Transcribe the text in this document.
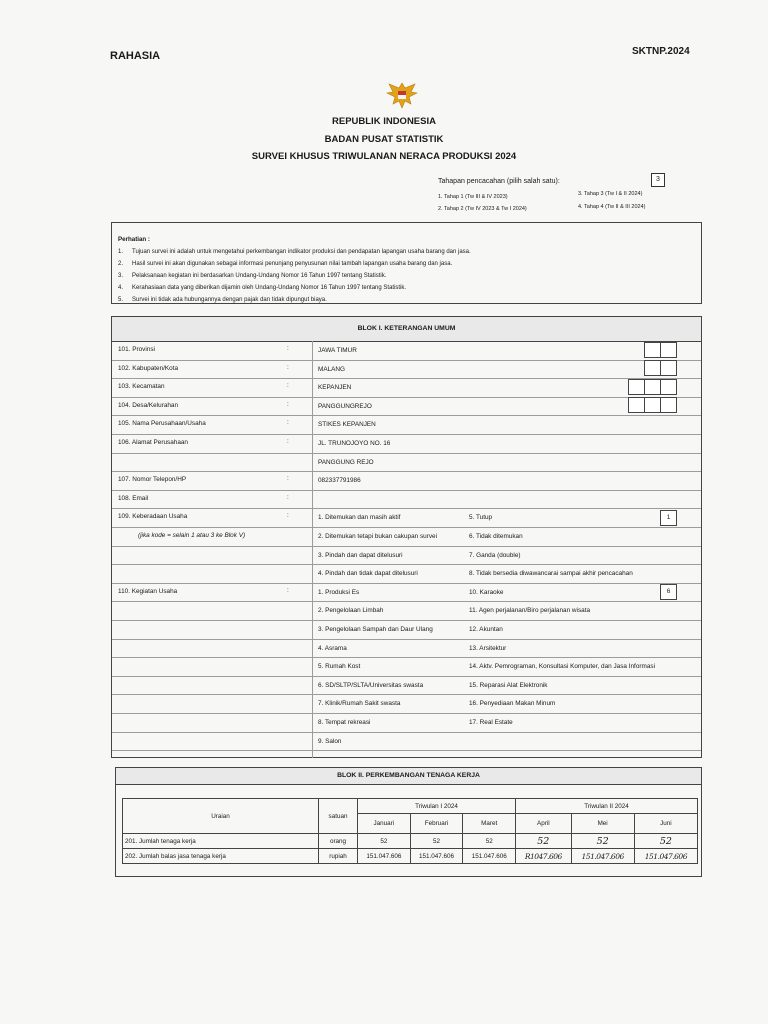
RAHASIA	SKTNP.2024
REPUBLIK INDONESIA
BADAN PUSAT STATISTIK
SURVEI KHUSUS TRIWULANAN NERACA PRODUKSI 2024
Tahapan pencacahan (pilih salah satu):	3
1. Tahap 1 (Tw III & IV 2023)	3. Tahap 3 (Tw I & II 2024)
2. Tahap 2 (Tw IV 2023 & Tw I 2024)	4. Tahap 4 (Tw II & III 2024)
Perhatian :
1. Tujuan survei ini adalah untuk mengetahui perkembangan indikator produksi dan pendapatan lapangan usaha barang dan jasa.
2. Hasil survei ini akan digunakan sebagai informasi penunjang penyusunan nilai tambah lapangan usaha barang dan jasa.
3. Pelaksanaan kegiatan ini berdasarkan Undang-Undang Nomor 16 Tahun 1997 tentang Statistik.
4. Kerahasiaan data yang diberikan dijamin oleh Undang-Undang Nomor 16 Tahun 1997 tentang Statistik.
5. Survei ini tidak ada hubungannya dengan pajak dan tidak dipungut biaya.
BLOK I. KETERANGAN UMUM
101. Provinsi	:	JAWA TIMUR
102. Kabupaten/Kota	:	MALANG
103. Kecamatan	:	KEPANJEN
104. Desa/Kelurahan	:	PANGGUNGREJO
105. Nama Perusahaan/Usaha	:	STIKES KEPANJEN
106. Alamat Perusahaan	:	JL. TRUNOJOYO NO. 16
PANGGUNG REJO
107. Nomor Telepon/HP	:	082337791986
108. Email	:
109. Keberadaan Usaha	:	1. Ditemukan dan masih aktif	5. Tutup
(jika kode = selain 1 atau 3 ke Blok V)	2. Ditemukan tetapi bukan cakupan survei	6. Tidak ditemukan
3. Pindah dan dapat ditelusuri	7. Ganda (double)
4. Pindah dan tidak dapat ditelusuri	8. Tidak bersedia diwawancarai sampai akhir pencacahan
110. Kegiatan Usaha	:	1. Produksi Es	10. Karaoke
2. Pengelolaan Limbah	11. Agen perjalanan/Biro perjalanan wisata
3. Pengelolaan Sampah dan Daur Ulang	12. Akuntan
4. Asrama	13. Arsitektur
5. Rumah Kost	14. Aktv. Pemrograman, Konsultasi Komputer, dan Jasa Informasi
6. SD/SLTP/SLTA/Universitas swasta	15. Reparasi Alat Elektronik
7. Klinik/Rumah Sakit swasta	16. Penyediaan Makan Minum
8. Tempat rekreasi	17. Real Estate
9. Salon
1
6
BLOK II. PERKEMBANGAN TENAGA KERJA
Uraian	satuan	Triwulan I 2024			Triwulan II 2024		
		Januari	Februari	Maret	April	Mei	Juni
201. Jumlah tenaga kerja	orang	52	52	52	52	52	52
202. Jumlah balas jasa tenaga kerja	rupiah	151.047.606	151.047.606	151.047.606	R1047.606	151.047.606	151.047.606
